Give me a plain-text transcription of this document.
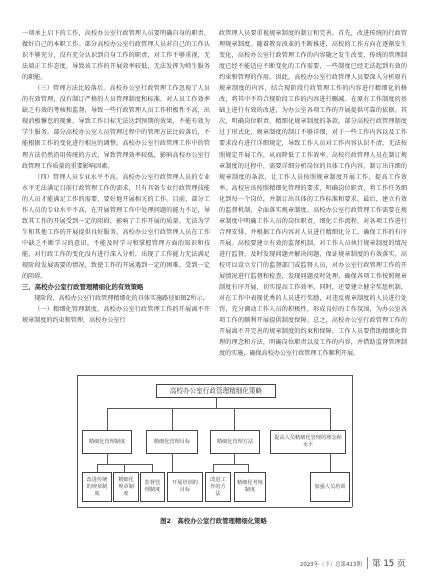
一项承上启下的工作，高校办公室行政管理人员要明确自身的职责，做好自己的本职工作。部分高校办公室行政管理人员对自己的工作认识不够充分，没有充分认识到自身工作的职责，对工作不够重视，无法端正工作态度，导致该工作的开展效率较低，无法发挥为师生服务的职能。

（三）管理方法比较落后。高校办公室行政管理工作忽视了人员的有效管理，没有制订严格的人员管理制度和标准，对人员工作效率缺乏有效的考核和监督，导致一些行政管理人员工作积极性不高，出现消极懈怠的现象，导致工作目标无法达到预期的效果，不能有效为学生服务。部分高校办公室人员管理过程中的管理方法比较落后，不能根据工作的变化进行相应的调整。高校办公室行政管理工作中的管理方法仍然沿用传统的方式，导致管理效率较低，影响高校办公室行政管理工作质量的重要影响因素。

（四）管理人员专业水平不高。高校办公室行政管理人员的专业水平无法满足目前行政管理工作的需求，只有具备专业行政管理技能的人员才能满足工作的需要，要好地开展相关的工作。目前，部分工作人员的专业水平不高，在开展管理工作中处理问题的能力不足，导致其工作的开展受到一定的阻碍，影响了工作开展的质量。无法为学生和其他工作的开展提供良好服务。高校办公室行政管理人员在工作中缺乏不断学习的意识，不能及时学习和掌握管理方面的知识和技能，对行政工作的变化没有进行深入分析，出现了工作能力无法满足现阶段发展需要的情况，致使工作的开展遇到一定的困难，受到一定的阻碍。

三、高校办公室行政管理精细化的有效策略

现阶段，高校办公室行政管理精细化的具体实施路径如图2所示。

（一）精细化管理制度。高校办公室行政管理工作的开展离不开规章制度的约束和管理，高校办公室行

政管理人员要重视规章制度的制订和完善。首先，改进传统的行政管理规章制度。随着教育改革的不断推进，高校的工作方向在逐渐发生变化，高校办公室行政管理工作的内容随之发生改变，传统的管理制度已经不能适应不断变化的工作需要，一些制度已经无法起到有效的约束和管理的作用。因此，高校办公室行政管理人员要深入分析原有规章制度的内容，结合现阶段行政管理工作的内容进行精细化的修改，将其中不符合现阶段工作的内容进行删减。在原有工作制度的基础上进行有效的改进，为办公室各项工作的开展提供可靠的依据。其次，明确岗位职责，精细化规章制度的条款。部分高校行政管理制度过于形式化，规章制度的制订不够详细，对于一些工作内容以及工作要求没有进行详细规定，导致工作人员对工作内容认识不清，无法按照规定开展工作，从而降低了工作效率。高校行政管理人员在制订规章制度的过程中，需要详细分析岗位的具体工作内容，制订出详细的规章制度的条款，让工作人员按照规章制度开展工作，提高工作效率。高校应该按照精细化管理的要求，明确岗位职责，将工作任务细化到每一个岗位，并制订出具体的工作标准和要求。最后，建立有效的监督机制，全面落实规章制度。高校办公室行政管理工作需要在规章制度中明确工作人员的岗位职责，细化工作流程，对各项工作进行合理安排，并根据工作内容对人员进行精细化分工，确保工作的有序开展。高校要建立有效的监督机制，对工作人员执行规章制度的情况进行监督，及时发现问题并解决问题，保证规章制度的有效落实。高校可以设立专门的监督部门或监督人员，对办公室行政管理工作的开展情况进行监督和检查，发现问题及时处理，确保各项工作按照规章制度有序开展，切实提高工作效率。同时，还要建立健全奖惩机制，对在工作中表现优秀的人员进行奖励，对违反规章制度的人员进行处罚，充分调动工作人员的积极性，形成良好的工作氛围，为办公室各项工作的顺利开展提供制度保障。总之，高校办公室行政管理工作的开展离不开完善的规章制度的约束和保障，工作人员要借助精细化管理的理念和方法，明确岗位职责以及工作的内容，并借助监督管理制度的实施，确保高校办公室行政管理工作顺利开展。

高校办公室行政管理精细化策略
精细化管理制度	精细化管理目标	精细化管理方法
提高人员精细化管理的理念和水平
改进传统的规章制度
精细化规章制度
监督管理制度
开展培训的目标
改进工作的方法
精细化考核制度
加强人员培训
图2　高校办公室行政管理精细化策略
2023年（下）总第413期 第 15 页
